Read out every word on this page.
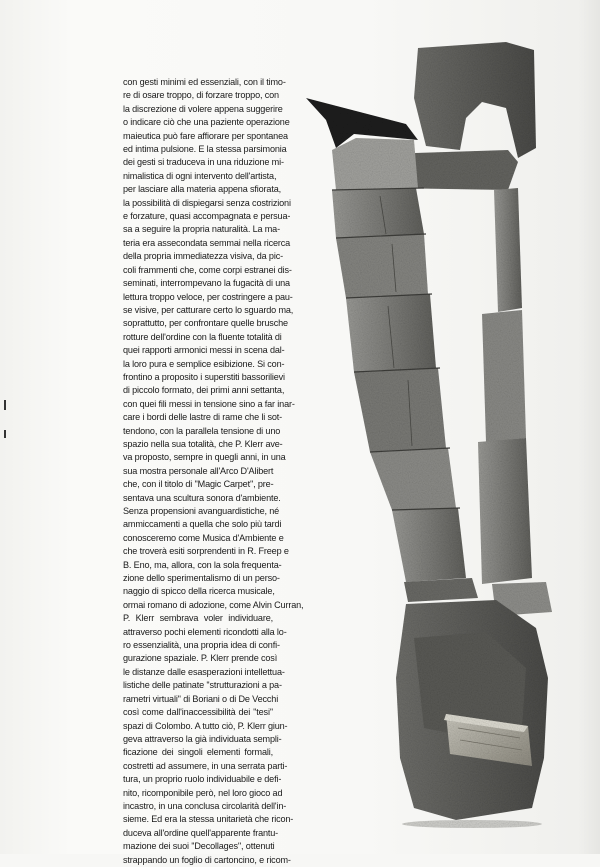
con gesti minimi ed essenziali, con il timo-
re di osare troppo, di forzare troppo, con
la discrezione di volere appena suggerire
o indicare ciò che una paziente operazione
maieutica può fare affiorare per spontanea
ed intima pulsione. E la stessa parsimonia
dei gesti si traduceva in una riduzione mi-
nimalistica di ogni intervento dell'artista,
per lasciare alla materia appena sfiorata,
la possibilità di dispiegarsi senza costrizioni
e forzature, quasi accompagnata e persua-
sa a seguire la propria naturalità. La ma-
teria era assecondata semmai nella ricerca
della propria immediatezza visiva, da pic-
coli frammenti che, come corpi estranei dis-
seminati, interrompevano la fugacità di una
lettura troppo veloce, per costringere a pau-
se visive, per catturare certo lo sguardo ma,
soprattutto, per confrontare quelle brusche
rotture dell'ordine con la fluente totalità di
quei rapporti armonici messi in scena dal-
la loro pura e semplice esibizione. Si con-
frontino a proposito i superstiti bassorilievi
di piccolo formato, dei primi anni settanta,
con quei fili messi in tensione sino a far inar-
care i bordi delle lastre di rame che li sot-
tendono, con la parallela tensione di uno
spazio nella sua totalità, che P. Klerr ave-
va proposto, sempre in quegli anni, in una
sua mostra personale all'Arco D'Alibert
che, con il titolo di ''Magic Carpet'', pre-
sentava una scultura sonora d'ambiente.
Senza propensioni avanguardistiche, né
ammiccamenti a quella che solo più tardi
conosceremo come Musica d'Ambiente e
che troverà esiti sorprendenti in R. Freep e
B. Eno, ma, allora, con la sola frequenta-
zione dello sperimentalismo di un perso-
naggio di spicco della ricerca musicale,
ormai romano di adozione, come Alvin Curran,
P. Klerr sembrava voler individuare,
attraverso pochi elementi ricondotti alla lo-
ro essenzialità, una propria idea di confi-
gurazione spaziale. P. Klerr prende così
le distanze dalle esasperazioni intellettua-
listiche delle patinate ''strutturazioni a pa-
rametri virtuali'' di Boriani o di De Vecchi
così come dall'inaccessibilità dei ''tesi''
spazi di Colombo. A tutto ciò, P. Klerr giun-
geva attraverso la già individuata sempli-
ficazione dei singoli elementi formali,
costretti ad assumere, in una serrata parti-
tura, un proprio ruolo individuabile e defi-
nito, ricomponibile però, nel loro gioco ad
incastro, in una conclusa circolarità dell'in-
sieme. Ed era la stessa unitarietà che ricon-
duceva all'ordine quell'apparente frantu-
mazione dei suoi ''Decollages'', ottenuti
strappando un foglio di cartoncino, e ricom-
